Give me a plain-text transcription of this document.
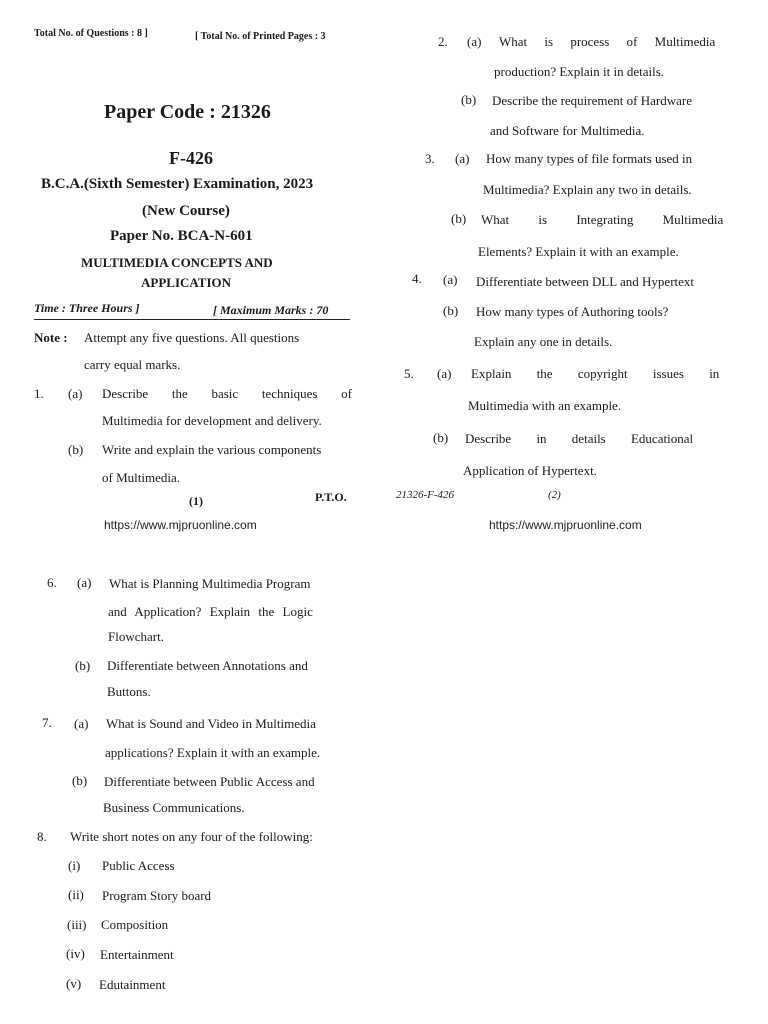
Total No. of Questions : 8 ]	[ Total No. of Printed Pages : 3
Paper Code : 21326
F-426
B.C.A.(Sixth Semester) Examination, 2023
(New Course)
Paper No. BCA-N-601
MULTIMEDIA CONCEPTS AND
APPLICATION
Time : Three Hours ]	[ Maximum Marks : 70
Note : Attempt any five questions. All questions
carry equal marks.
1. (a) Describe the basic techniques of
Multimedia for development and delivery.
(b) Write and explain the various components
of Multimedia.
(1)	P.T.O.
https://www.mjpruonline.com
2. (a) What is process of Multimedia
production? Explain it in details.
(b) Describe the requirement of Hardware
and Software for Multimedia.
3. (a) How many types of file formats used in
Multimedia? Explain any two in details.
(b) What is Integrating Multimedia
Elements? Explain it with an example.
4. (a) Differentiate between DLL and Hypertext
(b) How many types of Authoring tools?
Explain any one in details.
5. (a) Explain the copyright issues in
Multimedia with an example.
(b) Describe in details Educational
Application of Hypertext.
21326-F-426	(2)
https://www.mjpruonline.com
6. (a) What is Planning Multimedia Program
and Application? Explain the Logic
Flowchart.
(b) Differentiate between Annotations and
Buttons.
7. (a) What is Sound and Video in Multimedia
applications? Explain it with an example.
(b) Differentiate between Public Access and
Business Communications.
8. Write short notes on any four of the following:
(i) Public Access
(ii) Program Story board
(iii) Composition
(iv) Entertainment
(v) Edutainment
